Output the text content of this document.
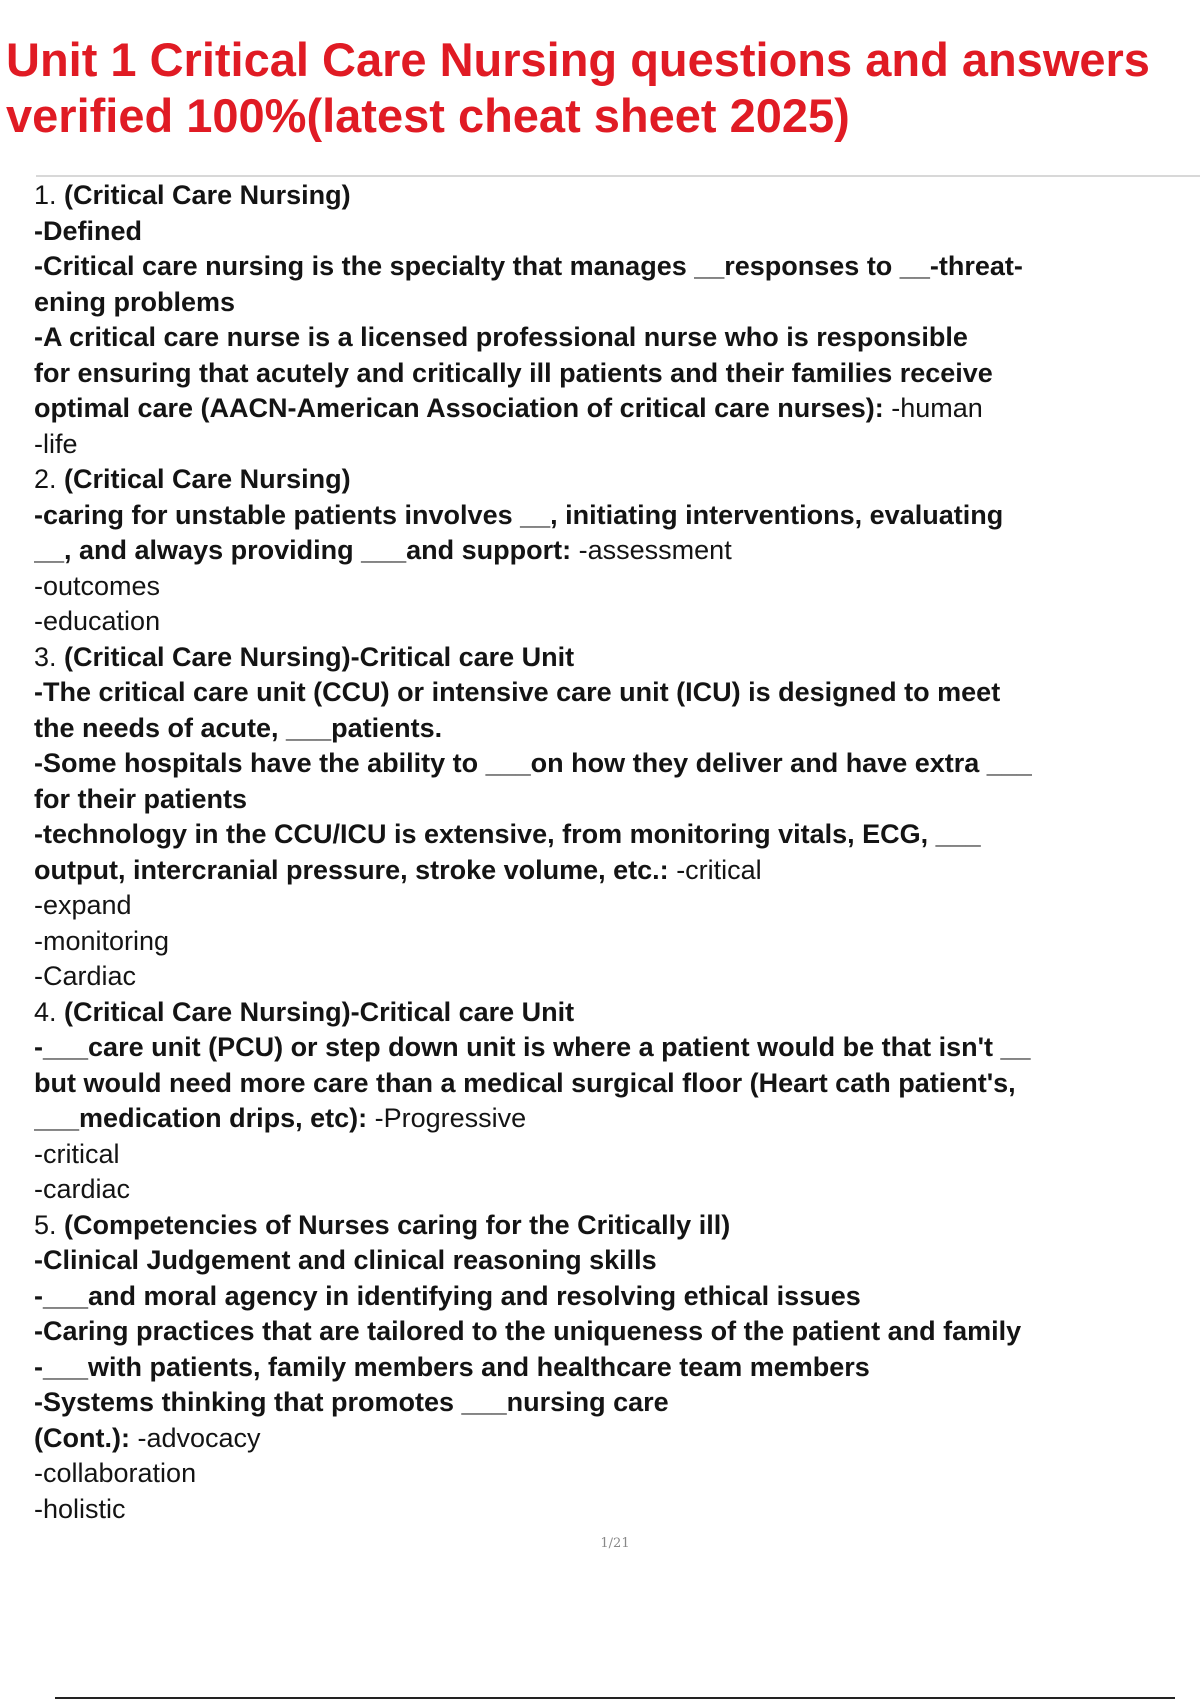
Unit 1 Critical Care Nursing questions and answers
verified 100%(latest cheat sheet 2025)
1. (Critical Care Nursing)
-Defined
-Critical care nursing is the specialty that manages __responses to __-threat-
ening problems
-A critical care nurse is a licensed professional nurse who is responsible
for ensuring that acutely and critically ill patients and their families receive
optimal care (AACN-American Association of critical care nurses): -human
-life
2. (Critical Care Nursing)
-caring for unstable patients involves __, initiating interventions, evaluating
__, and always providing ___and support: -assessment
-outcomes
-education
3. (Critical Care Nursing)-Critical care Unit
-The critical care unit (CCU) or intensive care unit (ICU) is designed to meet
the needs of acute, ___patients.
-Some hospitals have the ability to ___on how they deliver and have extra ___
for their patients
-technology in the CCU/ICU is extensive, from monitoring vitals, ECG, ___
output, intercranial pressure, stroke volume, etc.: -critical
-expand
-monitoring
-Cardiac
4. (Critical Care Nursing)-Critical care Unit
-___care unit (PCU) or step down unit is where a patient would be that isn't __
but would need more care than a medical surgical floor (Heart cath patient's,
___medication drips, etc): -Progressive
-critical
-cardiac
5. (Competencies of Nurses caring for the Critically ill)
-Clinical Judgement and clinical reasoning skills
-___and moral agency in identifying and resolving ethical issues
-Caring practices that are tailored to the uniqueness of the patient and family
-___with patients, family members and healthcare team members
-Systems thinking that promotes ___nursing care
(Cont.): -advocacy
-collaboration
-holistic
1/21
